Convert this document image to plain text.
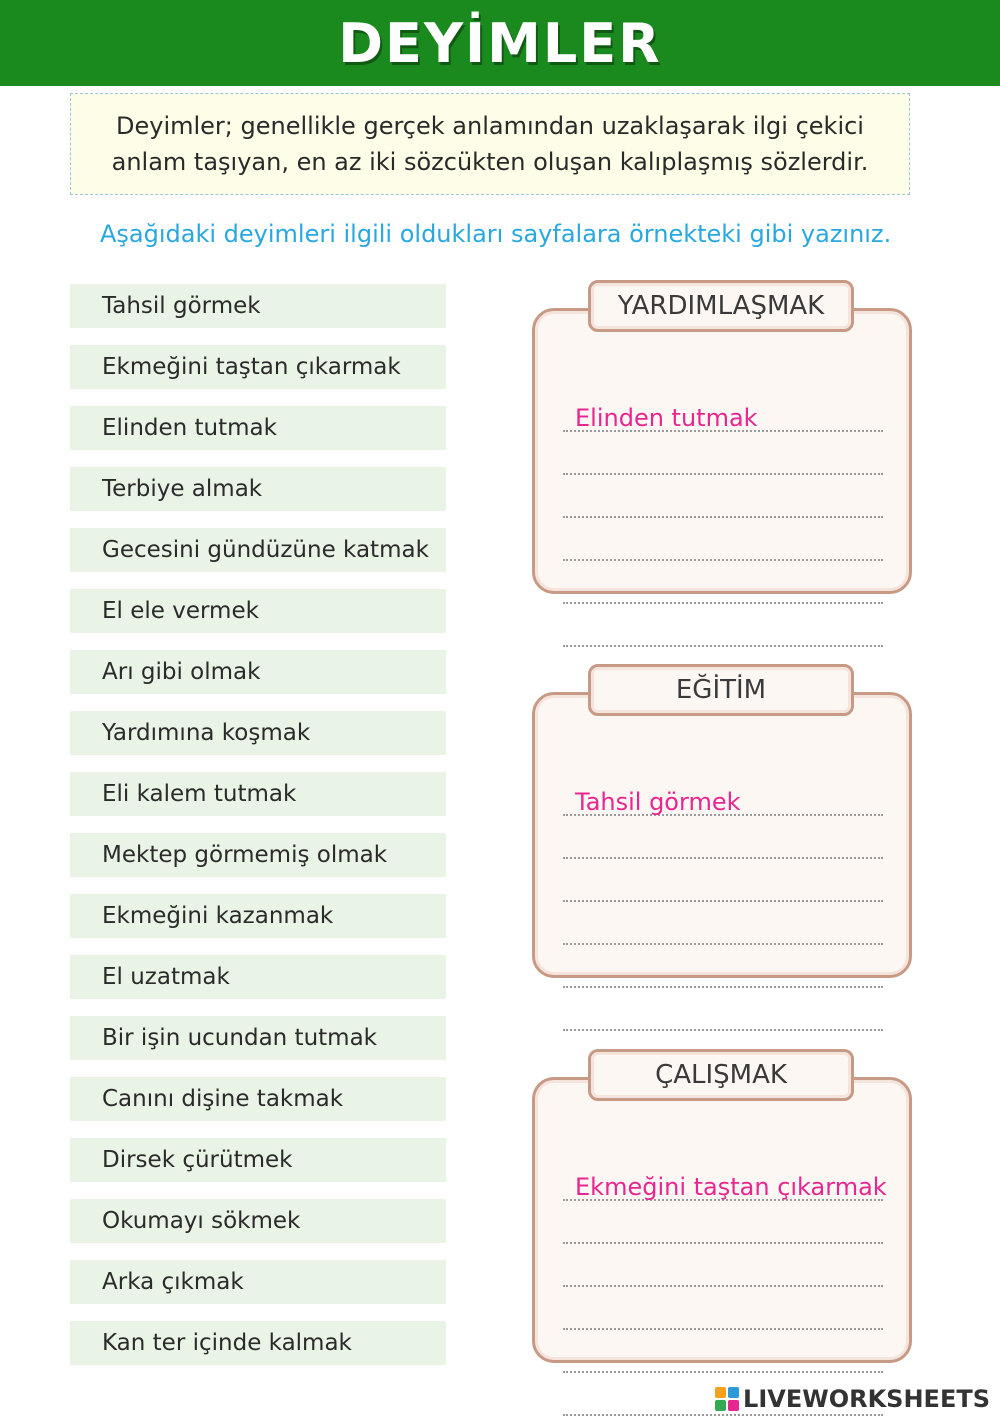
DEYİMLER
Deyimler; genellikle gerçek anlamından uzaklaşarak ilgi çekici anlam taşıyan, en az iki sözcükten oluşan kalıplaşmış sözlerdir.
Aşağıdaki deyimleri ilgili oldukları sayfalara örnekteki gibi yazınız.
Tahsil görmek
Ekmeğini taştan çıkarmak
Elinden tutmak
Terbiye almak
Gecesini gündüzüne katmak
El ele vermek
Arı gibi olmak
Yardımına koşmak
Eli kalem tutmak
Mektep görmemiş olmak
Ekmeğini kazanmak
El uzatmak
Bir işin ucundan tutmak
Canını dişine takmak
Dirsek çürütmek
Okumayı sökmek
Arka çıkmak
Kan ter içinde kalmak
YARDIMLAŞMAK
Elinden tutmak
EĞİTİM
Tahsil görmek
ÇALIŞMAK
Ekmeğini taştan çıkarmak
LIVEWORKSHEETS
